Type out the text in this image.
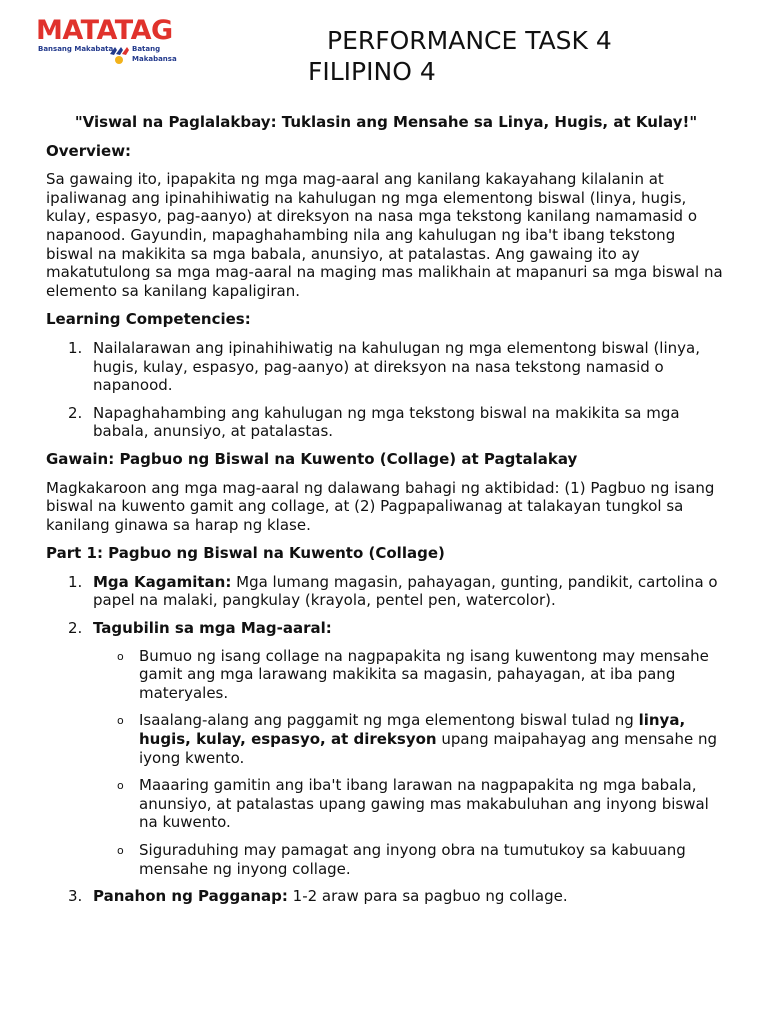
MATATAG
Bansang Makabata	Batang Makabansa
PERFORMANCE TASK 4
FILIPINO 4
"Viswal na Paglalakbay: Tuklasin ang Mensahe sa Linya, Hugis, at Kulay!"
Overview:
Sa gawaing ito, ipapakita ng mga mag-aaral ang kanilang kakayahang kilalanin at ipaliwanag ang ipinahihiwatig na kahulugan ng mga elementong biswal (linya, hugis, kulay, espasyo, pag-aanyo) at direksyon na nasa mga tekstong kanilang namamasid o napanood. Gayundin, mapaghahambing nila ang kahulugan ng iba't ibang tekstong biswal na makikita sa mga babala, anunsiyo, at patalastas. Ang gawaing ito ay makatutulong sa mga mag-aaral na maging mas malikhain at mapanuri sa mga biswal na elemento sa kanilang kapaligiran.
Learning Competencies:
1. Nailalarawan ang ipinahihiwatig na kahulugan ng mga elementong biswal (linya, hugis, kulay, espasyo, pag-aanyo) at direksyon na nasa tekstong namasid o napanood.
2. Napaghahambing ang kahulugan ng mga tekstong biswal na makikita sa mga babala, anunsiyo, at patalastas.
Gawain: Pagbuo ng Biswal na Kuwento (Collage) at Pagtalakay
Magkakaroon ang mga mag-aaral ng dalawang bahagi ng aktibidad: (1) Pagbuo ng isang biswal na kuwento gamit ang collage, at (2) Pagpapaliwanag at talakayan tungkol sa kanilang ginawa sa harap ng klase.
Part 1: Pagbuo ng Biswal na Kuwento (Collage)
1. Mga Kagamitan: Mga lumang magasin, pahayagan, gunting, pandikit, cartolina o papel na malaki, pangkulay (krayola, pentel pen, watercolor).
2. Tagubilin sa mga Mag-aaral:
o Bumuo ng isang collage na nagpapakita ng isang kuwentong may mensahe gamit ang mga larawang makikita sa magasin, pahayagan, at iba pang materyales.
o Isaalang-alang ang paggamit ng mga elementong biswal tulad ng linya, hugis, kulay, espasyo, at direksyon upang maipahayag ang mensahe ng iyong kwento.
o Maaaring gamitin ang iba't ibang larawan na nagpapakita ng mga babala, anunsiyo, at patalastas upang gawing mas makabuluhan ang inyong biswal na kuwento.
o Siguraduhing may pamagat ang inyong obra na tumutukoy sa kabuuang mensahe ng inyong collage.
3. Panahon ng Pagganap: 1-2 araw para sa pagbuo ng collage.
